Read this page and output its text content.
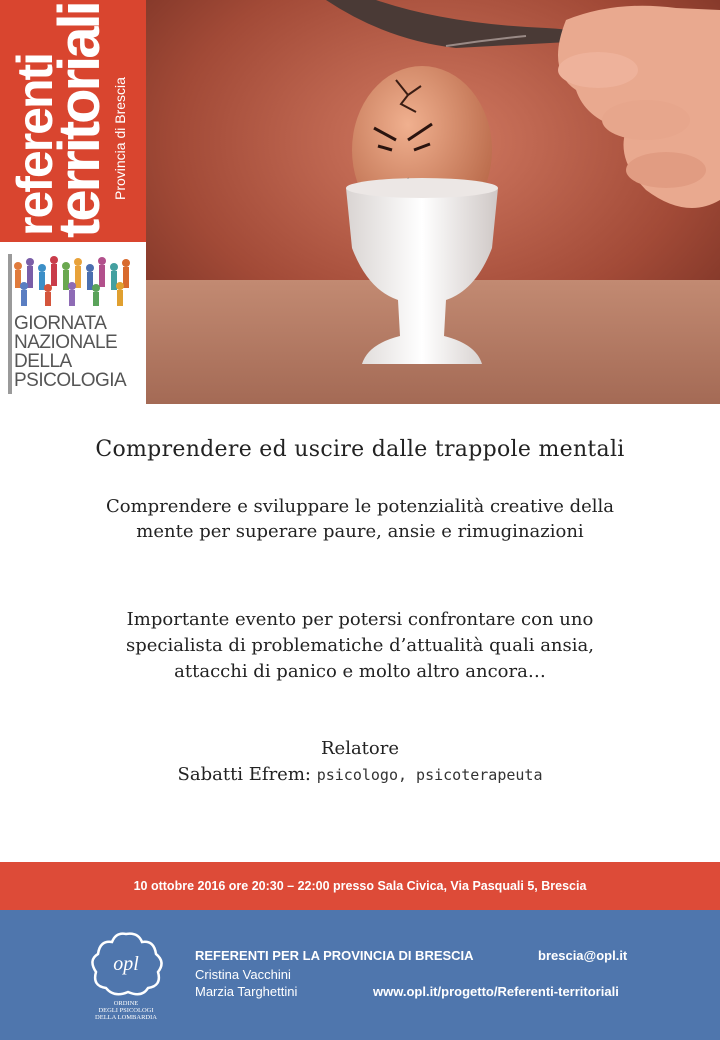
referenti
territoriali Provincia di Brescia
GIORNATA
NAZIONALE
DELLA
PSICOLOGIA
Comprendere ed uscire dalle trappole mentali
Comprendere e sviluppare le potenzialità creative della
mente per superare paure, ansie e rimuginazioni
Importante evento per potersi confrontare con uno
specialista di problematiche d’attualità quali ansia,
attacchi di panico e molto altro ancora…
Relatore
Sabatti Efrem: psicologo, psicoterapeuta
10 ottobre 2016 ore 20:30 – 22:00 presso Sala Civica, Via Pasquali 5, Brescia
opl
ORDINE
DEGLI PSICOLOGI
DELLA LOMBARDIA
REFERENTI PER LA PROVINCIA DI BRESCIA
Cristina Vacchini
Marzia Targhettini
brescia@opl.it
www.opl.it/progetto/Referenti-territoriali
